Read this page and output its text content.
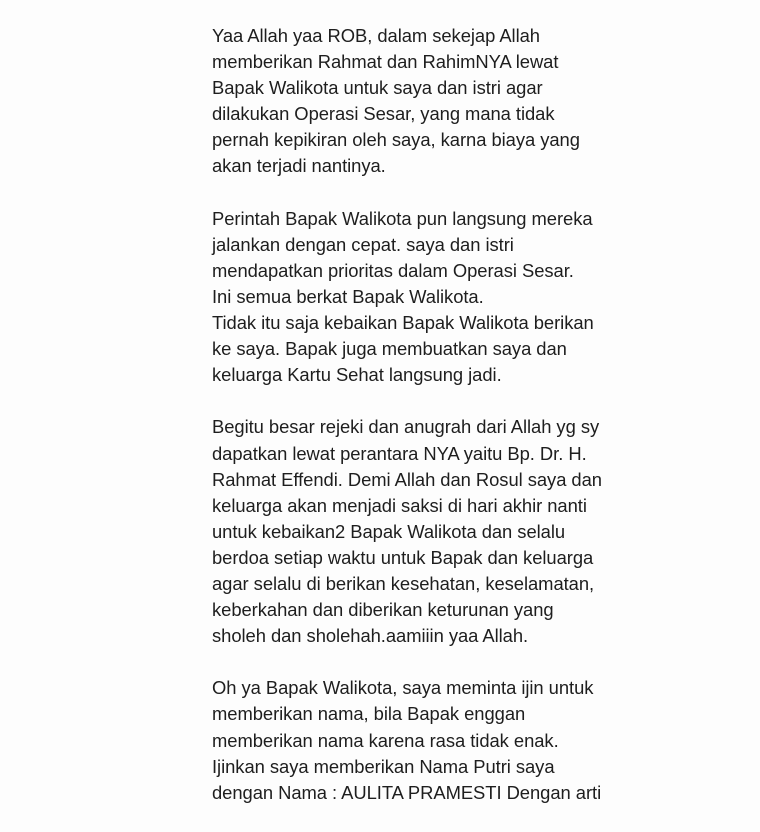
Yaa Allah yaa ROB, dalam sekejap Allah
memberikan Rahmat dan RahimNYA lewat
Bapak Walikota untuk saya dan istri agar
dilakukan Operasi Sesar, yang mana tidak
pernah kepikiran oleh saya, karna biaya yang
akan terjadi nantinya.
Perintah Bapak Walikota pun langsung mereka
jalankan dengan cepat. saya dan istri
mendapatkan prioritas dalam Operasi Sesar.
Ini semua berkat Bapak Walikota.
Tidak itu saja kebaikan Bapak Walikota berikan
ke saya. Bapak juga membuatkan saya dan
keluarga Kartu Sehat langsung jadi.
Begitu besar rejeki dan anugrah dari Allah yg sy
dapatkan lewat perantara NYA yaitu Bp. Dr. H.
Rahmat Effendi. Demi Allah dan Rosul saya dan
keluarga akan menjadi saksi di hari akhir nanti
untuk kebaikan2 Bapak Walikota dan selalu
berdoa setiap waktu untuk Bapak dan keluarga
agar selalu di berikan kesehatan, keselamatan,
keberkahan dan diberikan keturunan yang
sholeh dan sholehah.aamiiin yaa Allah.
Oh ya Bapak Walikota, saya meminta ijin untuk
memberikan nama, bila Bapak enggan
memberikan nama karena rasa tidak enak.
Ijinkan saya memberikan Nama Putri saya
dengan Nama : AULITA PRAMESTI Dengan arti
